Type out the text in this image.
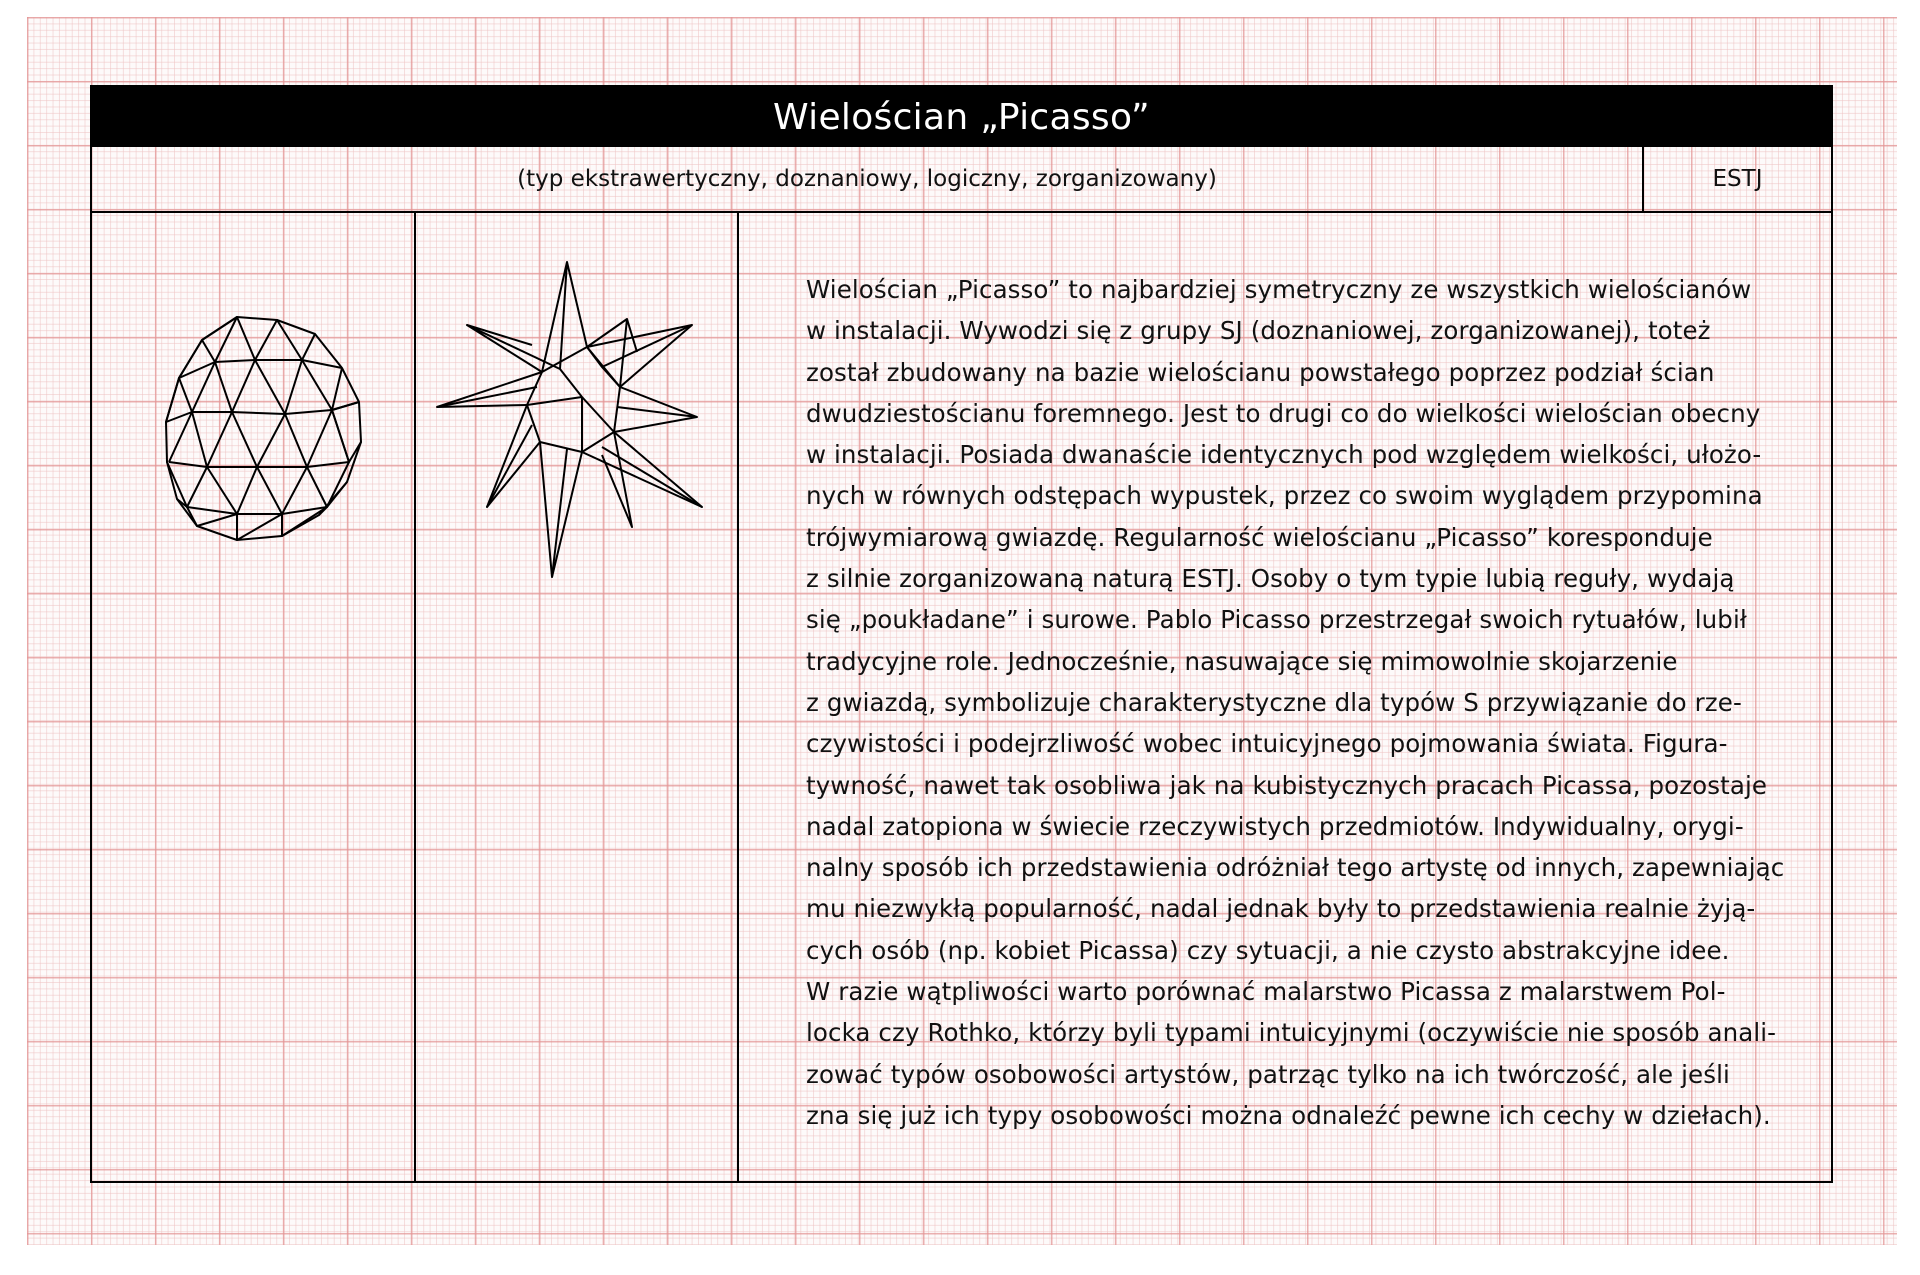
Wielościan „Picasso”
(typ ekstrawertyczny, doznaniowy, logiczny, zorganizowany)	ESTJ
Wielościan „Picasso” to najbardziej symetryczny ze wszystkich wielościanów
w instalacji. Wywodzi się z grupy SJ (doznaniowej, zorganizowanej), toteż
został zbudowany na bazie wielościanu powstałego poprzez podział ścian
dwudziestościanu foremnego. Jest to drugi co do wielkości wielościan obecny
w instalacji. Posiada dwanaście identycznych pod względem wielkości, ułożo-
nych w równych odstępach wypustek, przez co swoim wyglądem przypomina
trójwymiarową gwiazdę. Regularność wielościanu „Picasso” koresponduje
z silnie zorganizowaną naturą ESTJ. Osoby o tym typie lubią reguły, wydają
się „poukładane” i surowe. Pablo Picasso przestrzegał swoich rytuałów, lubił
tradycyjne role. Jednocześnie, nasuwające się mimowolnie skojarzenie
z gwiazdą, symbolizuje charakterystyczne dla typów S przywiązanie do rze-
czywistości i podejrzliwość wobec intuicyjnego pojmowania świata. Figura-
tywność, nawet tak osobliwa jak na kubistycznych pracach Picassa, pozostaje
nadal zatopiona w świecie rzeczywistych przedmiotów. Indywidualny, orygi-
nalny sposób ich przedstawienia odróżniał tego artystę od innych, zapewniając
mu niezwykłą popularność, nadal jednak były to przedstawienia realnie żyją-
cych osób (np. kobiet Picassa) czy sytuacji, a nie czysto abstrakcyjne idee.
W razie wątpliwości warto porównać malarstwo Picassa z malarstwem Pol-
locka czy Rothko, którzy byli typami intuicyjnymi (oczywiście nie sposób anali-
zować typów osobowości artystów, patrząc tylko na ich twórczość, ale jeśli
zna się już ich typy osobowości można odnaleźć pewne ich cechy w dziełach).
